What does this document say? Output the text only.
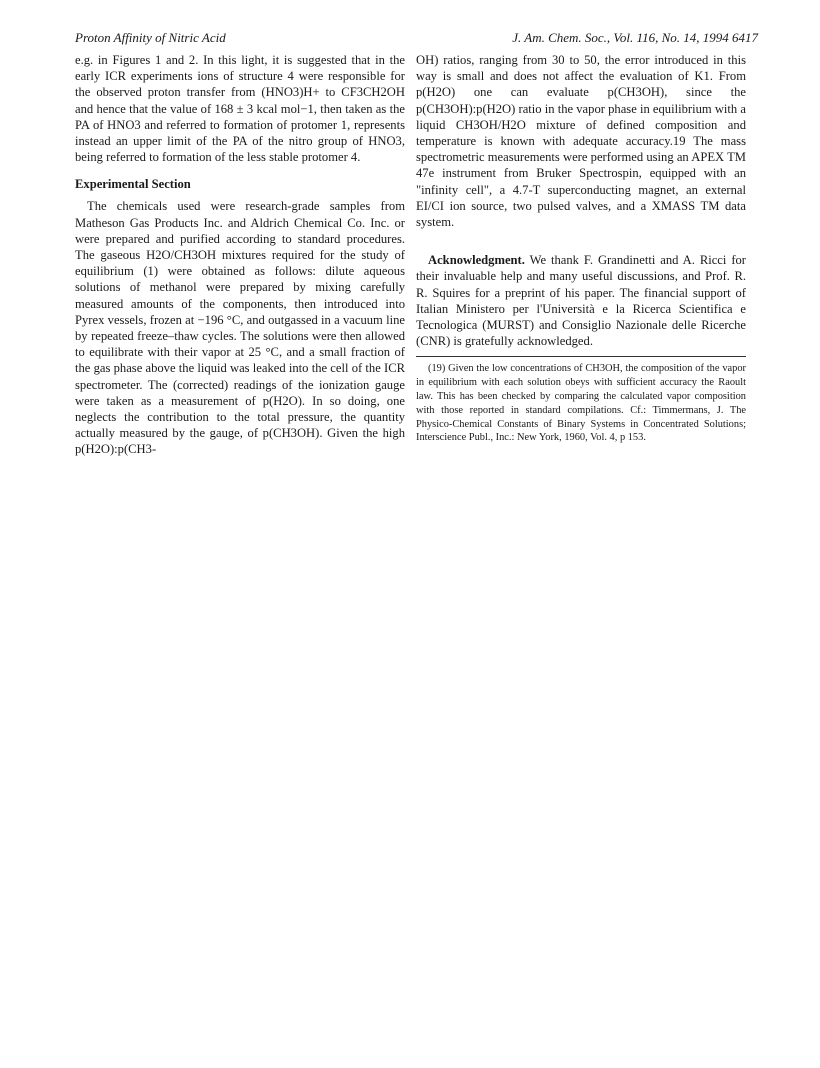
Proton Affinity of Nitric Acid	J. Am. Chem. Soc., Vol. 116, No. 14, 1994 6417

e.g. in Figures 1 and 2. In this light, it is suggested that in the early ICR experiments ions of structure 4 were responsible for the observed proton transfer from (HNO3)H+ to CF3CH2OH and hence that the value of 168 ± 3 kcal mol−1, then taken as the PA of HNO3 and referred to formation of protomer 1, represents instead an upper limit of the PA of the nitro group of HNO3, being referred to formation of the less stable protomer 4.

Experimental Section

The chemicals used were research-grade samples from Matheson Gas Products Inc. and Aldrich Chemical Co. Inc. or were prepared and purified according to standard procedures. The gaseous H2O/CH3OH mixtures required for the study of equilibrium (1) were obtained as follows: dilute aqueous solutions of methanol were prepared by mixing carefully measured amounts of the components, then introduced into Pyrex vessels, frozen at −196 °C, and outgassed in a vacuum line by repeated freeze–thaw cycles. The solutions were then allowed to equilibrate with their vapor at 25 °C, and a small fraction of the gas phase above the liquid was leaked into the cell of the ICR spectrometer. The (corrected) readings of the ionization gauge were taken as a measurement of p(H2O). In so doing, one neglects the contribution to the total pressure, the quantity actually measured by the gauge, of p(CH3OH). Given the high p(H2O):p(CH3-

OH) ratios, ranging from 30 to 50, the error introduced in this way is small and does not affect the evaluation of K1. From p(H2O) one can evaluate p(CH3OH), since the p(CH3OH):p(H2O) ratio in the vapor phase in equilibrium with a liquid CH3OH/H2O mixture of defined composition and temperature is known with adequate accuracy.19 The mass spectrometric measurements were performed using an APEX TM 47e instrument from Bruker Spectrospin, equipped with an "infinity cell", a 4.7-T superconducting magnet, an external EI/CI ion source, two pulsed valves, and a XMASS TM data system.

Acknowledgment. We thank F. Grandinetti and A. Ricci for their invaluable help and many useful discussions, and Prof. R. R. Squires for a preprint of his paper. The financial support of Italian Ministero per l'Università e la Ricerca Scientifica e Tecnologica (MURST) and Consiglio Nazionale delle Ricerche (CNR) is gratefully acknowledged.

(19) Given the low concentrations of CH3OH, the composition of the vapor in equilibrium with each solution obeys with sufficient accuracy the Raoult law. This has been checked by comparing the calculated vapor composition with those reported in standard compilations. Cf.: Timmermans, J. The Physico-Chemical Constants of Binary Systems in Concentrated Solutions; Interscience Publ., Inc.: New York, 1960, Vol. 4, p 153.
